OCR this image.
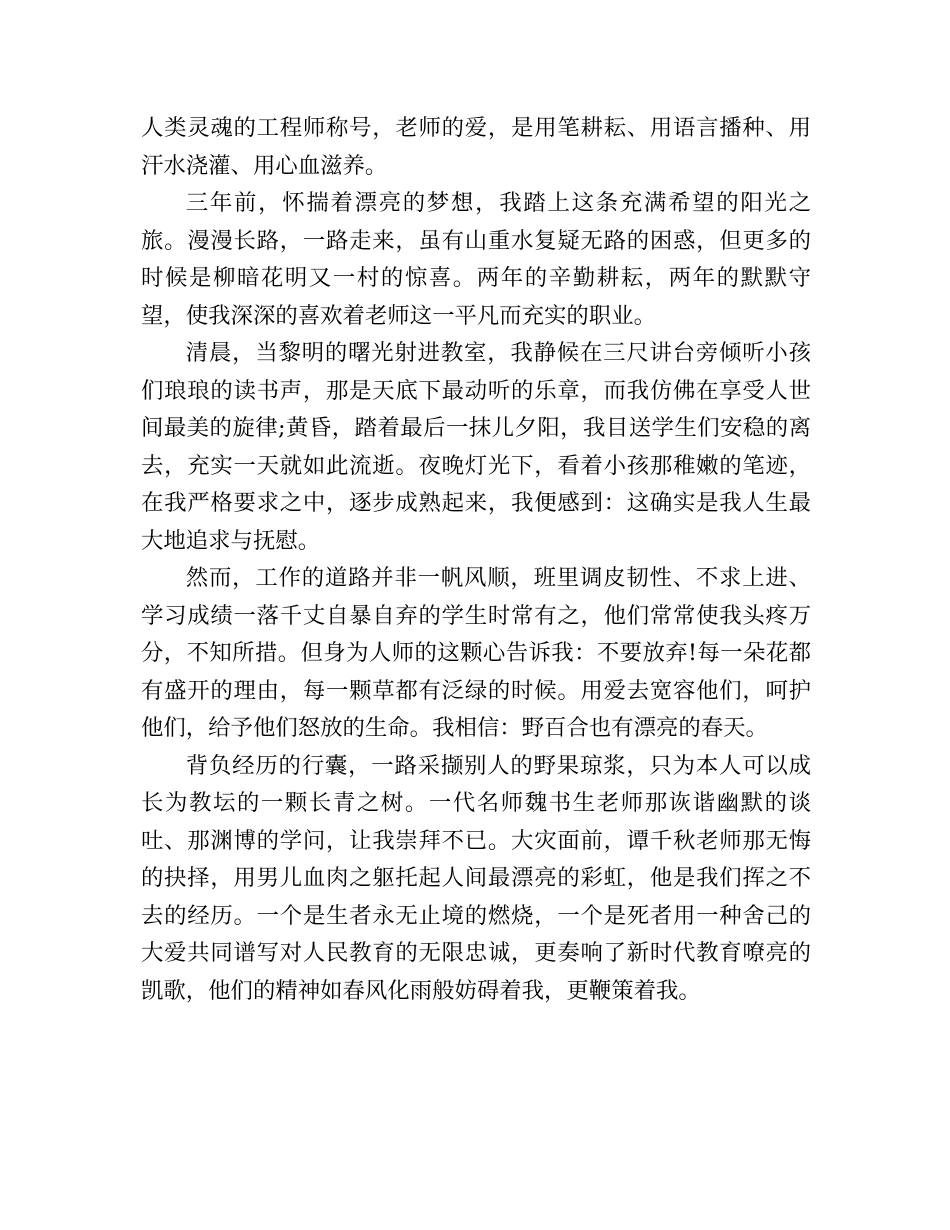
人类灵魂的工程师称号，老师的爱，是用笔耕耘、用语言播种、用汗水浇灌、用心血滋养。

三年前，怀揣着漂亮的梦想，我踏上这条充满希望的阳光之旅。漫漫长路，一路走来，虽有山重水复疑无路的困惑，但更多的时候是柳暗花明又一村的惊喜。两年的辛勤耕耘，两年的默默守望，使我深深的喜欢着老师这一平凡而充实的职业。

清晨，当黎明的曙光射进教室，我静候在三尺讲台旁倾听小孩们琅琅的读书声，那是天底下最动听的乐章，而我仿佛在享受人世间最美的旋律;黄昏，踏着最后一抹儿夕阳，我目送学生们安稳的离去，充实一天就如此流逝。夜晚灯光下，看着小孩那稚嫩的笔迹，在我严格要求之中，逐步成熟起来，我便感到：这确实是我人生最大地追求与抚慰。

然而，工作的道路并非一帆风顺，班里调皮韧性、不求上进、学习成绩一落千丈自暴自弃的学生时常有之，他们常常使我头疼万分，不知所措。但身为人师的这颗心告诉我：不要放弃!每一朵花都有盛开的理由，每一颗草都有泛绿的时候。用爱去宽容他们，呵护他们，给予他们怒放的生命。我相信：野百合也有漂亮的春天。

背负经历的行囊，一路采撷别人的野果琼浆，只为本人可以成长为教坛的一颗长青之树。一代名师魏书生老师那诙谐幽默的谈吐、那渊博的学问，让我崇拜不已。大灾面前，谭千秋老师那无悔的抉择，用男儿血肉之躯托起人间最漂亮的彩虹，他是我们挥之不去的经历。一个是生者永无止境的燃烧，一个是死者用一种舍己的大爱共同谱写对人民教育的无限忠诚，更奏响了新时代教育嘹亮的凯歌，他们的精神如春风化雨般妨碍着我，更鞭策着我。
